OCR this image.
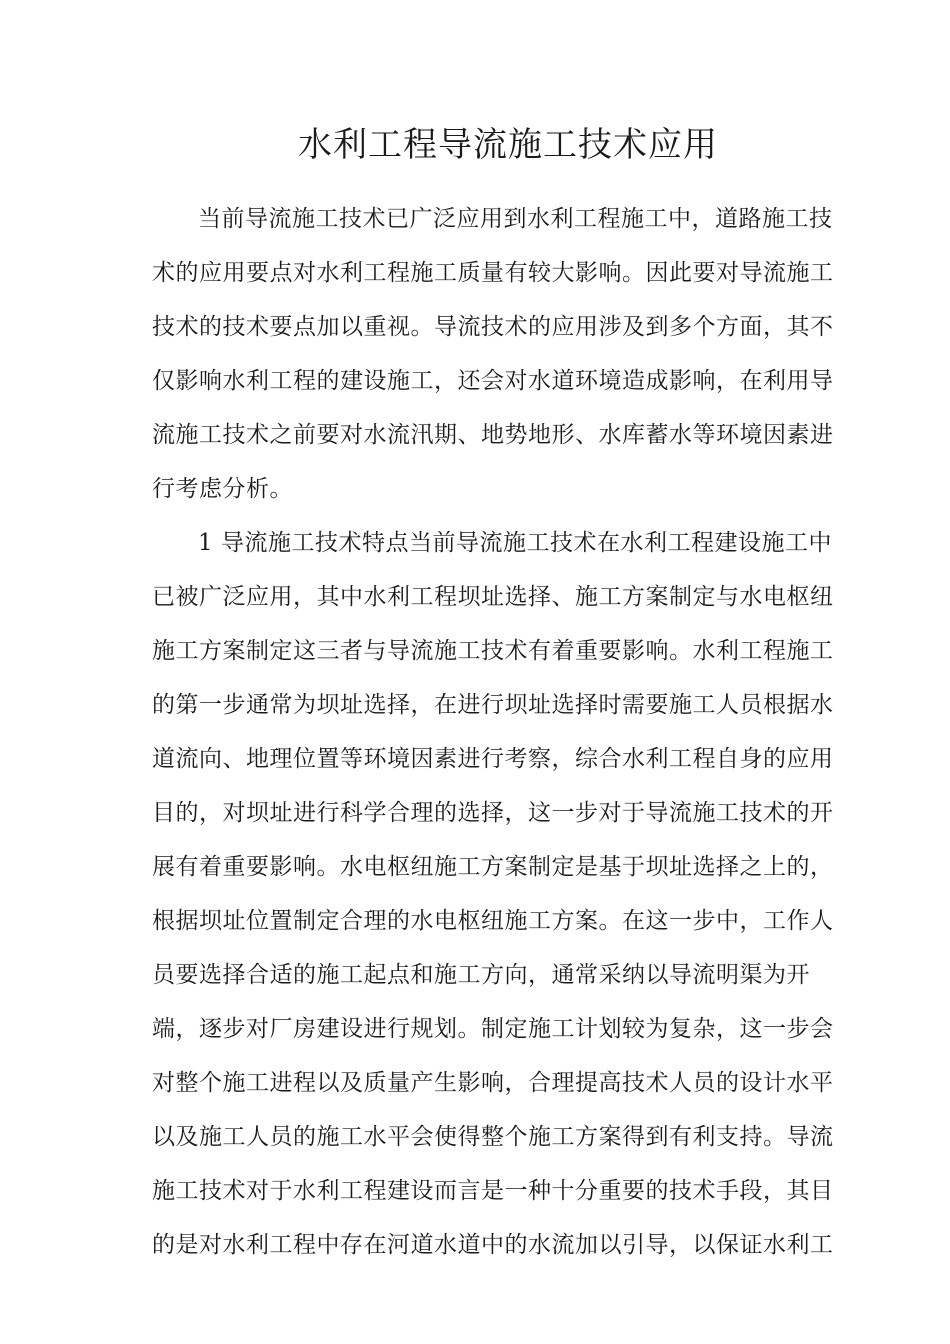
水利工程导流施工技术应用
当前导流施工技术已广泛应用到水利工程施工中，道路施工技
术的应用要点对水利工程施工质量有较大影响。因此要对导流施工
技术的技术要点加以重视。导流技术的应用涉及到多个方面，其不
仅影响水利工程的建设施工，还会对水道环境造成影响，在利用导
流施工技术之前要对水流汛期、地势地形、水库蓄水等环境因素进
行考虑分析。
1 导流施工技术特点当前导流施工技术在水利工程建设施工中
已被广泛应用，其中水利工程坝址选择、施工方案制定与水电枢纽
施工方案制定这三者与导流施工技术有着重要影响。水利工程施工
的第一步通常为坝址选择，在进行坝址选择时需要施工人员根据水
道流向、地理位置等环境因素进行考察，综合水利工程自身的应用
目的，对坝址进行科学合理的选择，这一步对于导流施工技术的开
展有着重要影响。水电枢纽施工方案制定是基于坝址选择之上的，
根据坝址位置制定合理的水电枢纽施工方案。在这一步中，工作人
员要选择合适的施工起点和施工方向，通常采纳以导流明渠为开
端，逐步对厂房建设进行规划。制定施工计划较为复杂，这一步会
对整个施工进程以及质量产生影响，合理提高技术人员的设计水平
以及施工人员的施工水平会使得整个施工方案得到有利支持。导流
施工技术对于水利工程建设而言是一种十分重要的技术手段，其目
的是对水利工程中存在河道水道中的水流加以引导，以保证水利工
